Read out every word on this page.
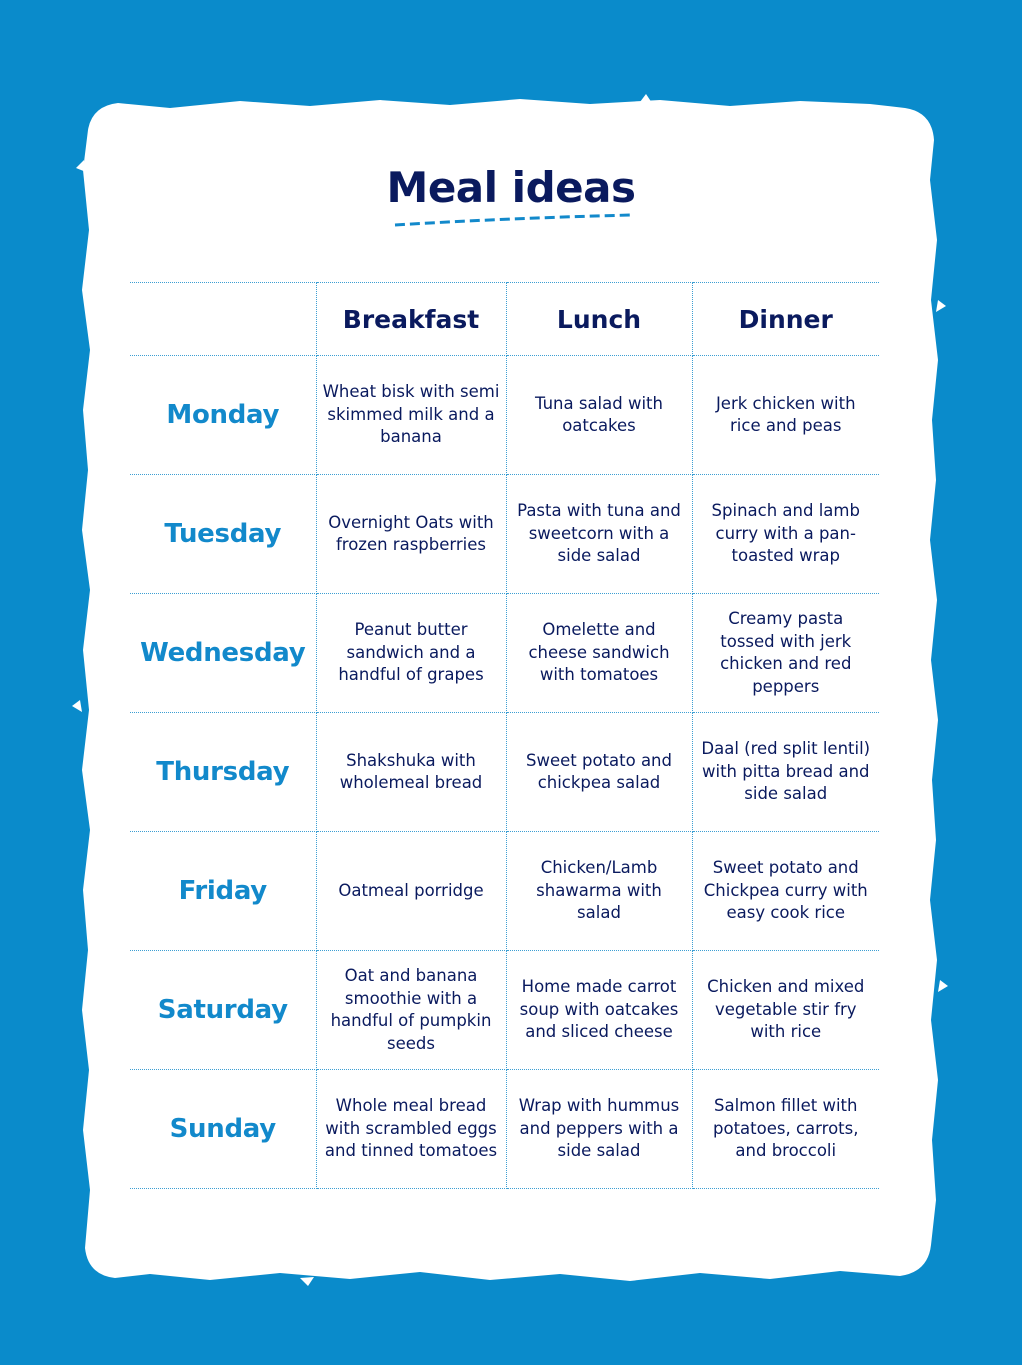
Meal ideas
	Breakfast	Lunch	Dinner
Monday	Wheat bisk with semi skimmed milk and a banana	Tuna salad with oatcakes	Jerk chicken with rice and peas
Tuesday	Overnight Oats with frozen raspberries	Pasta with tuna and sweetcorn with a side salad	Spinach and lamb curry with a pan-toasted wrap
Wednesday	Peanut butter sandwich and a handful of grapes	Omelette and cheese sandwich with tomatoes	Creamy pasta tossed with jerk chicken and red peppers
Thursday	Shakshuka with wholemeal bread	Sweet potato and chickpea salad	Daal (red split lentil) with pitta bread and side salad
Friday	Oatmeal porridge	Chicken/Lamb shawarma with salad	Sweet potato and Chickpea curry with easy cook rice
Saturday	Oat and banana smoothie with a handful of pumpkin seeds	Home made carrot soup with oatcakes and sliced cheese	Chicken and mixed vegetable stir fry with rice
Sunday	Whole meal bread with scrambled eggs and tinned tomatoes	Wrap with hummus and peppers with a side salad	Salmon fillet with potatoes, carrots, and broccoli
